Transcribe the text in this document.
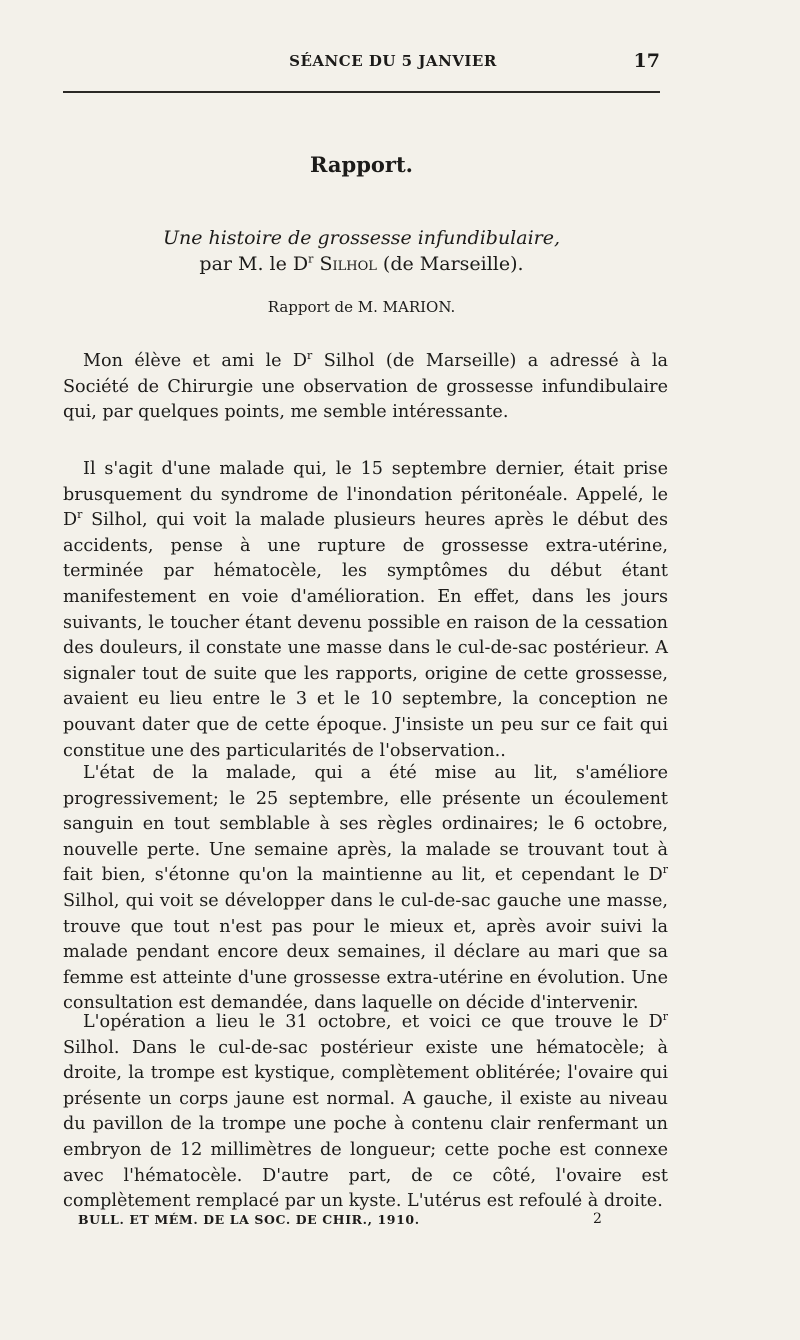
SÉANCE DU 5 JANVIER	17
Rapport.
Une histoire de grossesse infundibulaire,
par M. le $D^r$ Silhol (de Marseille).
Rapport de M. MARION.

Mon élève et ami le $D^r$ Silhol (de Marseille) a adressé à la Société de Chirurgie une observation de grossesse infundibulaire qui, par quelques points, me semble intéressante.

Il s'agit d'une malade qui, le 15 septembre dernier, était prise brusquement du syndrome de l'inondation péritonéale. Appelé, le $D^r$ Silhol, qui voit la malade plusieurs heures après le début des accidents, pense à une rupture de grossesse extra-utérine, terminée par hématocèle, les symptômes du début étant manifestement en voie d'amélioration. En effet, dans les jours suivants, le toucher étant devenu possible en raison de la cessation des douleurs, il constate une masse dans le cul-de-sac postérieur. A signaler tout de suite que les rapports, origine de cette grossesse, avaient eu lieu entre le 3 et le 10 septembre, la conception ne pouvant dater que de cette époque. J'insiste un peu sur ce fait qui constitue une des particularités de l'observation..

L'état de la malade, qui a été mise au lit, s'améliore progressivement; le 25 septembre, elle présente un écoulement sanguin en tout semblable à ses règles ordinaires; le 6 octobre, nouvelle perte. Une semaine après, la malade se trouvant tout à fait bien, s'étonne qu'on la maintienne au lit, et cependant le $D^r$ Silhol, qui voit se développer dans le cul-de-sac gauche une masse, trouve que tout n'est pas pour le mieux et, après avoir suivi la malade pendant encore deux semaines, il déclare au mari que sa femme est atteinte d'une grossesse extra-utérine en évolution. Une consultation est demandée, dans laquelle on décide d'intervenir.

L'opération a lieu le 31 octobre, et voici ce que trouve le $D^r$ Silhol. Dans le cul-de-sac postérieur existe une hématocèle; à droite, la trompe est kystique, complètement oblitérée; l'ovaire qui présente un corps jaune est normal. A gauche, il existe au niveau du pavillon de la trompe une poche à contenu clair renfermant un embryon de 12 millimètres de longueur; cette poche est connexe avec l'hématocèle. D'autre part, de ce côté, l'ovaire est complètement remplacé par un kyste. L'utérus est refoulé à droite.

BULL. ET MÉM. DE LA SOC. DE CHIR., 1910.	2
